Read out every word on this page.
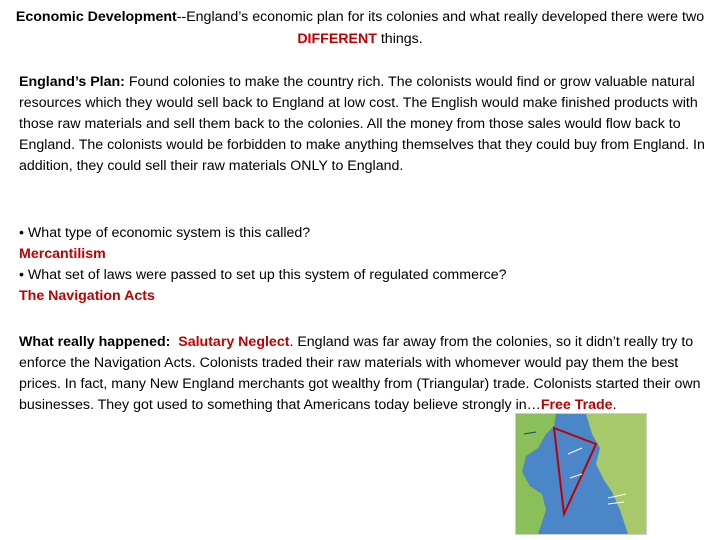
Economic Development--England’s economic plan for its colonies and what really developed there were two DIFFERENT things.
England’s Plan: Found colonies to make the country rich. The colonists would find or grow valuable natural resources which they would sell back to England at low cost. The English would make finished products with those raw materials and sell them back to the colonies. All the money from those sales would flow back to England. The colonists would be forbidden to make anything themselves that they could buy from England. In addition, they could sell their raw materials ONLY to England.
• What type of economic system is this called?
Mercantilism
• What set of laws were passed to set up this system of regulated commerce?
The Navigation Acts
What really happened: Salutary Neglect. England was far away from the colonies, so it didn’t really try to enforce the Navigation Acts. Colonists traded their raw materials with whomever would pay them the best prices. In fact, many New England merchants got wealthy from (Triangular) trade. Colonists started their own businesses. They got used to something that Americans today believe strongly in…Free Trade.
